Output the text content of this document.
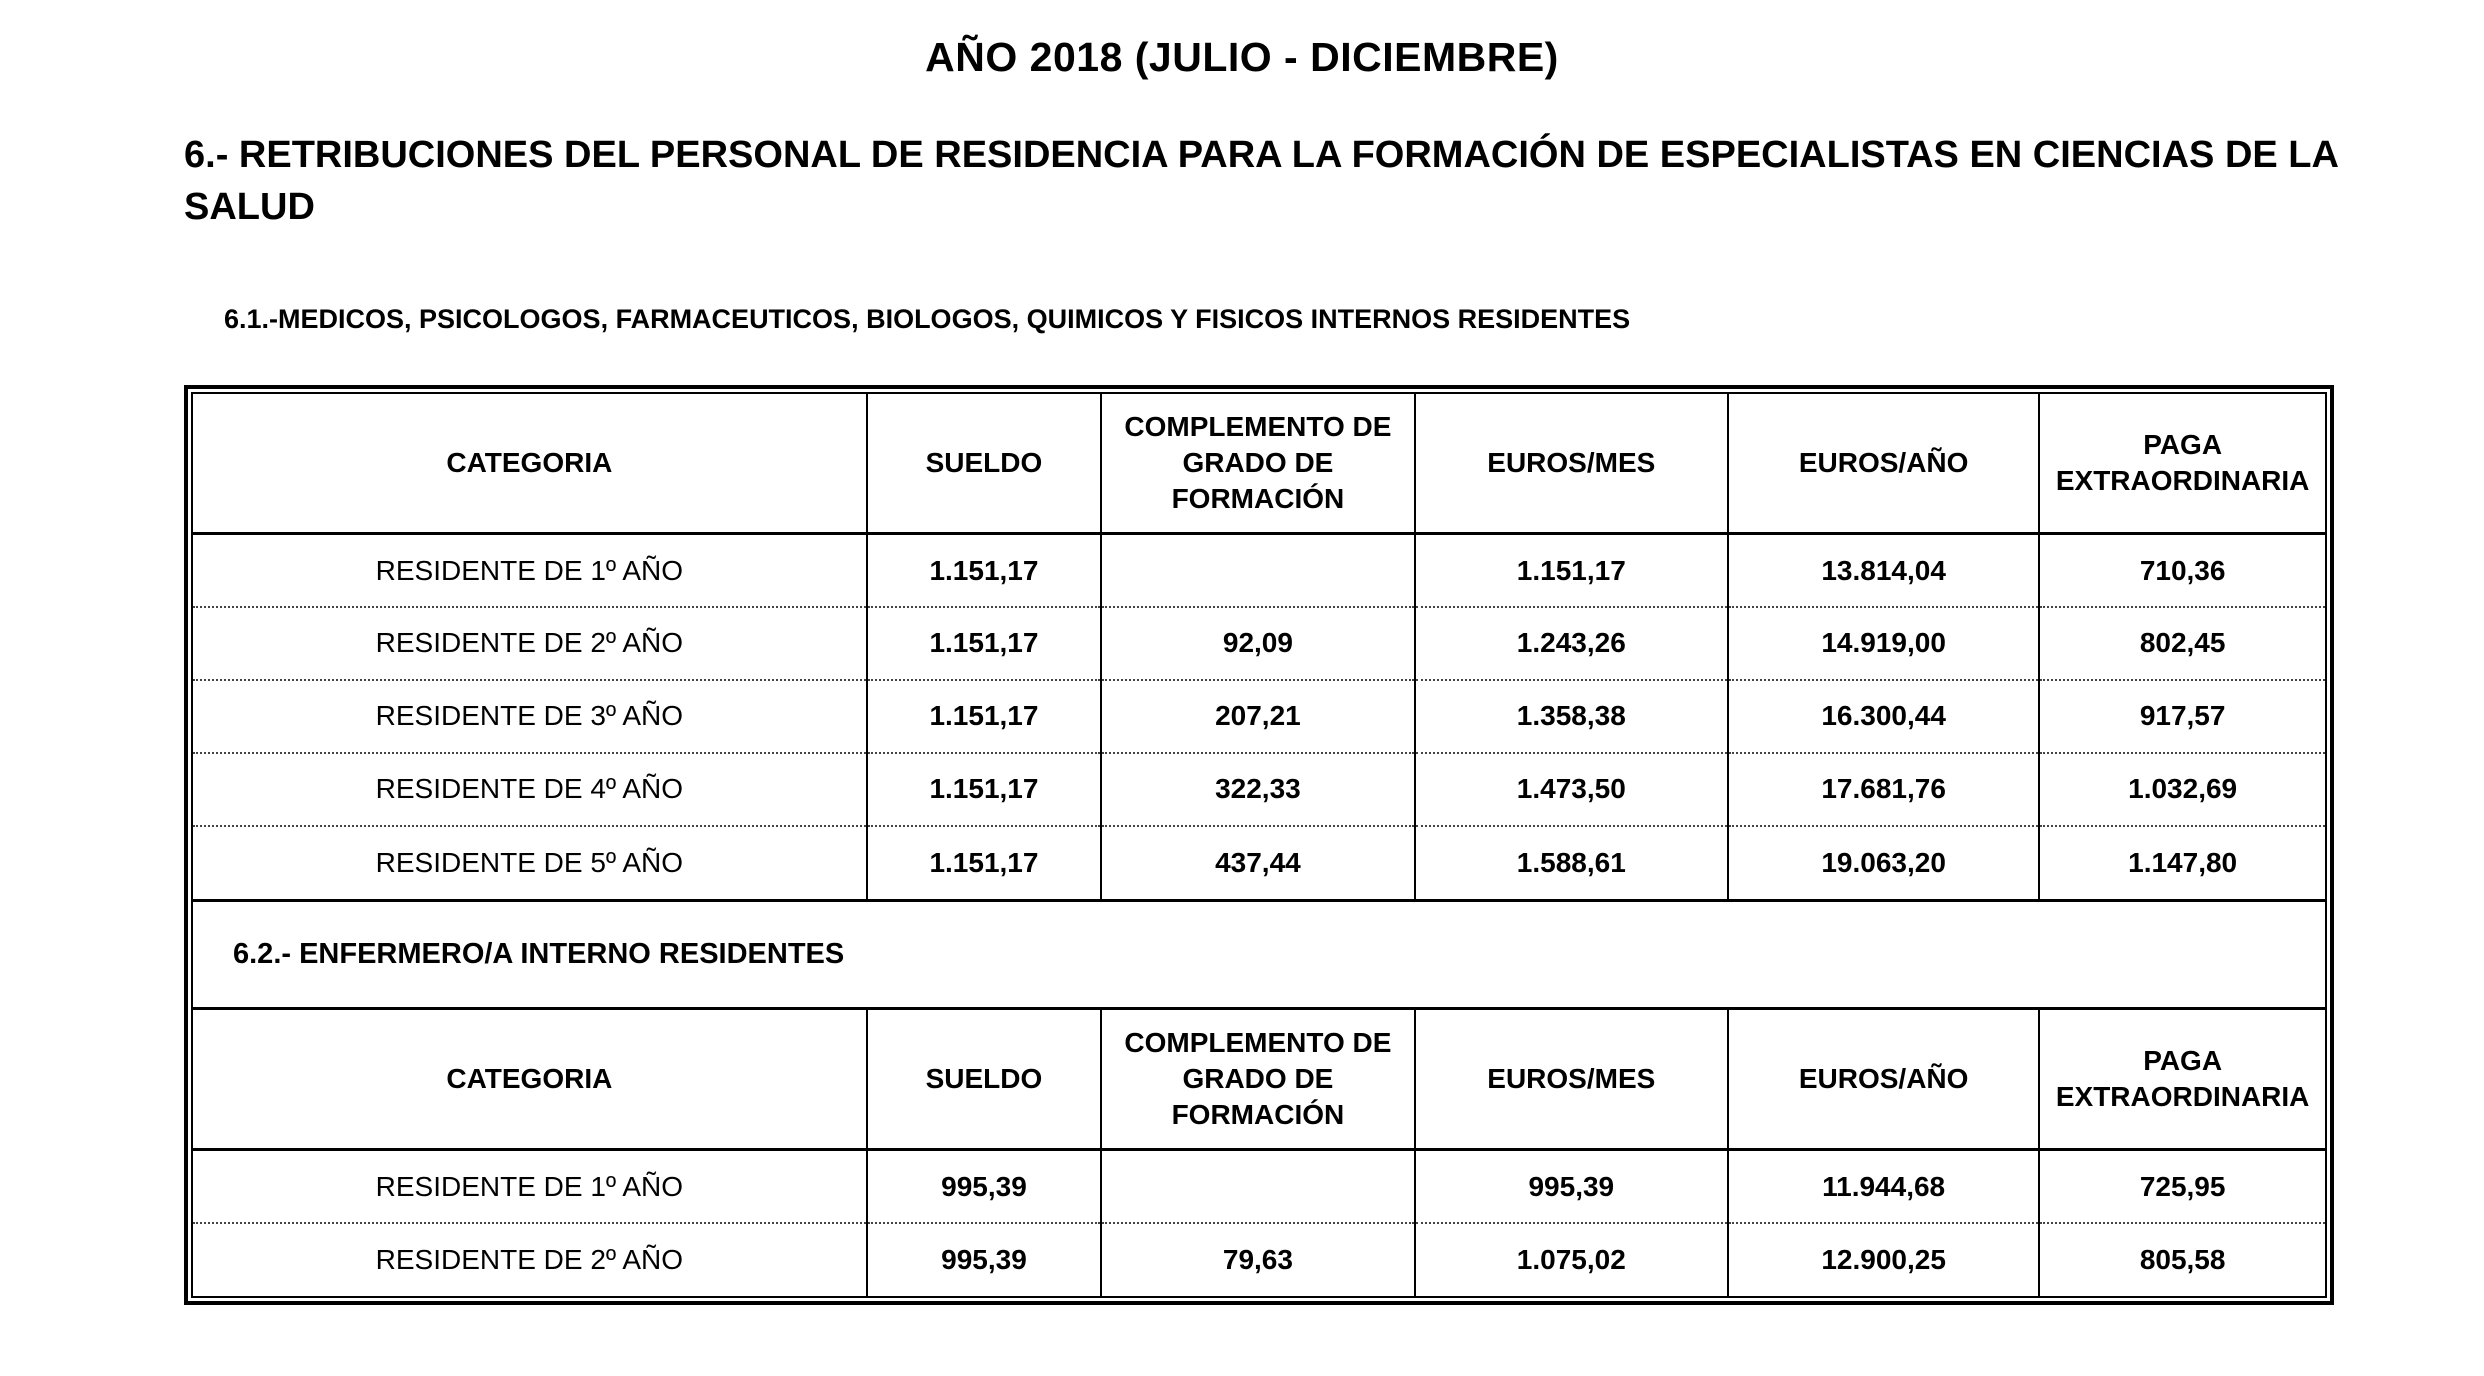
AÑO 2018 (JULIO - DICIEMBRE)
6.- RETRIBUCIONES DEL PERSONAL DE RESIDENCIA PARA LA FORMACIÓN DE ESPECIALISTAS EN CIENCIAS DE LA SALUD
6.1.-MEDICOS, PSICOLOGOS, FARMACEUTICOS, BIOLOGOS, QUIMICOS Y FISICOS INTERNOS RESIDENTES
CATEGORIA	SUELDO	COMPLEMENTO DE GRADO DE FORMACIÓN	EUROS/MES	EUROS/AÑO	PAGA EXTRAORDINARIA
RESIDENTE DE 1º AÑO	1.151,17		1.151,17	13.814,04	710,36
RESIDENTE DE 2º AÑO	1.151,17	92,09	1.243,26	14.919,00	802,45
RESIDENTE DE 3º AÑO	1.151,17	207,21	1.358,38	16.300,44	917,57
RESIDENTE DE 4º AÑO	1.151,17	322,33	1.473,50	17.681,76	1.032,69
RESIDENTE DE 5º AÑO	1.151,17	437,44	1.588,61	19.063,20	1.147,80
6.2.- ENFERMERO/A INTERNO RESIDENTES
CATEGORIA	SUELDO	COMPLEMENTO DE GRADO DE FORMACIÓN	EUROS/MES	EUROS/AÑO	PAGA EXTRAORDINARIA
RESIDENTE DE 1º AÑO	995,39		995,39	11.944,68	725,95
RESIDENTE DE 2º AÑO	995,39	79,63	1.075,02	12.900,25	805,58
